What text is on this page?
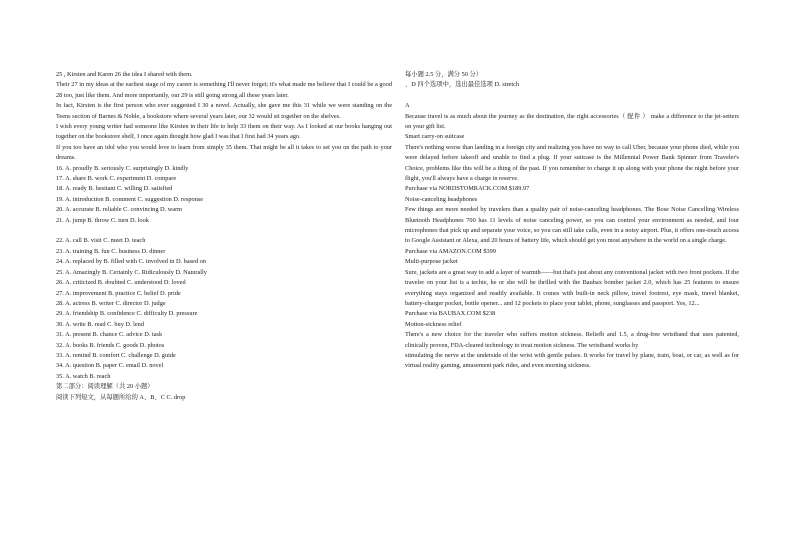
25 , Kirsten and Karen 26 the idea I shared with them.

Their 27 in my ideas at the earliest stage of my career is something I'll never forget; it's what made me believe that I could be a good 28 too, just like them. And more importantly, our 29 is still going strong all these years later.

In fact, Kirsten is the first person who ever suggested I 30 a novel. Actually, she gave me this 31 while we were standing on the Teens section of Barnes & Noble, a bookstore where several years later, our 32 would sit together on the shelves.

I wish every young writer had someone like Kirsten in their life to help 33 them on their way. As I looked at our books hanging out together on the bookstore shelf, I once again thought how glad I was that I first had 34 years ago.

If you too have an idol who you would love to learn from simply 35 them. That might be all it takes to set you on the path to your dreams.

16. A. proudly B. seriously C. surprisingly D. kindly

17. A. share B. work C. experiment D. compare

18. A. ready B. hesitant C. willing D. satisfied

19. A. introduction B. comment C. suggestion D. response

20. A. accurate B. reliable C. convincing D. warm

21. A. jump B. throw C. turn D. look

22. A. call B. visit C. meet D. teach

23. A. training B. fun C. business D. dinner

24. A. replaced by B. filled with C. involved in D. based on

25. A. Amazingly B. Certainly C. Ridiculously D. Naturally

26. A. criticized B. doubted C. understood D. loved

27. A. improvement B. practice C. belief D. pride

28. A. actress B. writer C. director D. judge

29. A. friendship B. confidence C. difficulty D. pressure

30. A. write B. read C. buy D. lend

31. A. present B. chance C. advice D. task

32. A. books B. friends C. goods D. photos

33. A. remind B. comfort C. challenge D. guide

34. A. question B. paper C. email D. novel

35. A. watch B. reach

第二部分：阅读理解（共 20 小题）

阅读下列短文，从每题所给的 A、B、C C. drop

每小题 2.5 分，满分 50 分）

、D 四个选项中，选出最佳选项 D. stretch

A

Because travel is as much about the journey as the destination, the right accessories（ 配件 ） make a difference to the jet-setters on your gift list.

Smart carry-on suitcase

There's nothing worse than landing in a foreign city and realizing you have no way to call Uber, because your phone died, while you were delayed before takeoff and unable to find a plug. If your suitcase is the Millennial Power Bank Spinner from Traveler's Choice, problems like this will be a thing of the past. If you remember to charge it up along with your phone the night before your flight, you'll always have a charge in reserve.

Purchase via NORDSTOMRACK.COM $189.97

Noise-canceling headphones

Few things are more needed by travelers than a quality pair of noise-canceling headphones. The Bose Noise Cancelling Wireless Bluetooth Headphones 700 has 11 levels of noise canceling power, so you can control your environment as needed, and four microphones that pick up and separate your voice, so you can still take calls, even in a noisy airport. Plus, it offers one-touch access to Google Assistant or Alexa, and 20 hours of battery life, which should get you most anywhere in the world on a single charge.

Purchase via AMAZON.COM $399

Multi-purpose jacket

Sure, jackets are a great way to add a layer of warmth——but that's just about any conventional jacket with two front pockets. If the traveler on your list is a techie, he or she will be thrilled with the Baubax bomber jacket 2.0, which has 25 features to ensure everything stays organized and readily available. It comes with built-in neck pillow, travel footrest, eye mask, travel blanket, battery-charger pocket, bottle opener... and 12 pockets to place your tablet, phone, sunglasses and passport. Yes, 12...

Purchase via BAUBAX.COM $238

Motion-sickness relief

There's a new choice for the traveler who suffers motion sickness. Reliefb and 1.5, a drug-free wristband that uses patented, clinically proven, FDA-cleared technology to treat motion sickness. The wristband works by

stimulating the nerve at the underside of the wrist with gentle pulses. It works for travel by plane, train, boat, or car, as well as for virtual reality gaming, amusement park rides, and even morning sickness.
